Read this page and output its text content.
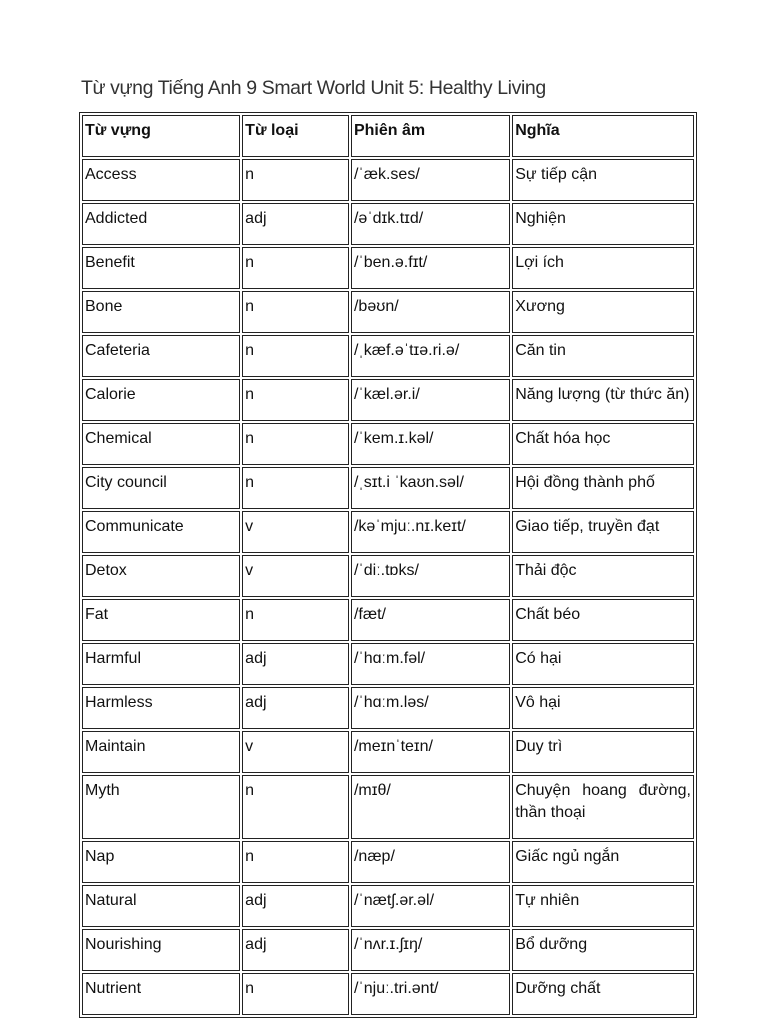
Từ vựng Tiếng Anh 9 Smart World Unit 5: Healthy Living
Từ vựng	Từ loại	Phiên âm	Nghĩa
Access	n	/ˈæk.ses/	Sự tiếp cận
Addicted	adj	/əˈdɪk.tɪd/	Nghiện
Benefit	n	/ˈben.ə.fɪt/	Lợi ích
Bone	n	/bəʊn/	Xương
Cafeteria	n	/ˌkæf.əˈtɪə.ri.ə/	Căn tin
Calorie	n	/ˈkæl.ər.i/	Năng lượng (từ thức ăn)
Chemical	n	/ˈkem.ɪ.kəl/	Chất hóa học
City council	n	/ˌsɪt.i ˈkaʊn.səl/	Hội đồng thành phố
Communicate	v	/kəˈmjuː.nɪ.keɪt/	Giao tiếp, truyền đạt
Detox	v	/ˈdiː.tɒks/	Thải độc
Fat	n	/fæt/	Chất béo
Harmful	adj	/ˈhɑːm.fəl/	Có hại
Harmless	adj	/ˈhɑːm.ləs/	Vô hại
Maintain	v	/meɪnˈteɪn/	Duy trì
Myth	n	/mɪθ/	Chuyện hoang đường, thần thoại
Nap	n	/næp/	Giấc ngủ ngắn
Natural	adj	/ˈnætʃ.ər.əl/	Tự nhiên
Nourishing	adj	/ˈnʌr.ɪ.ʃɪŋ/	Bổ dưỡng
Nutrient	n	/ˈnjuː.tri.ənt/	Dưỡng chất
